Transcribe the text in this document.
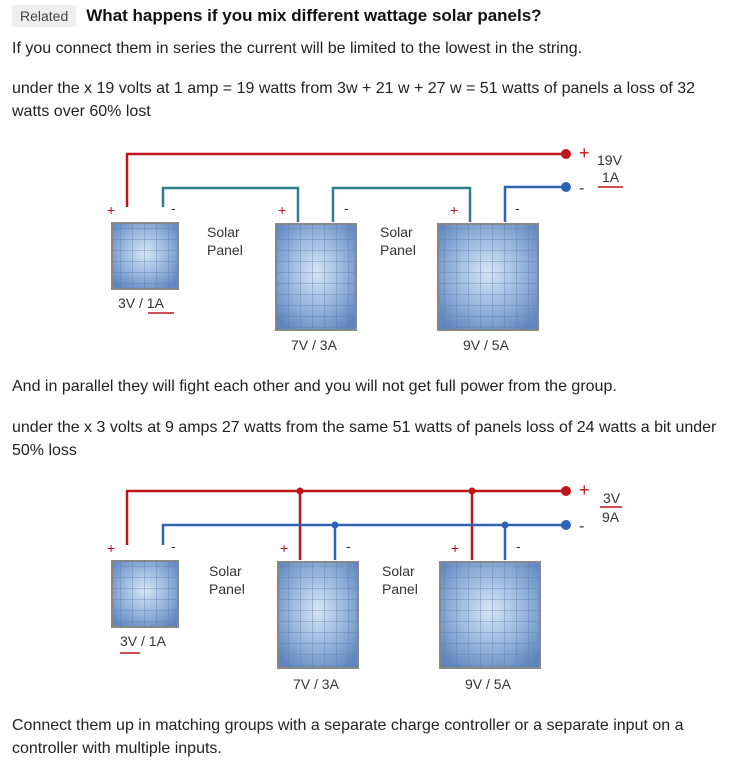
Related	What happens if you mix different wattage solar panels?

If you connect them in series the current will be limited to the lowest in the string.

under the x 19 volts at 1 amp = 19 watts from 3w + 21 w + 27 w = 51 watts of panels a loss of 32 watts over 60% lost

+
-
19V
1A
+	-
3V / 1A
Solar
Panel
+	-
7V / 3A
Solar
Panel
+	-
9V / 5A

And in parallel they will fight each other and you will not get full power from the group.

under the x 3 volts at 9 amps 27 watts from the same 51 watts of panels loss of 24 watts a bit under 50% loss

+
-
3V
9A
+	-
3V / 1A
Solar
Panel
+	-
7V / 3A
Solar
Panel
+	-
9V / 5A

Connect them up in matching groups with a separate charge controller or a separate input on a controller with multiple inputs.
